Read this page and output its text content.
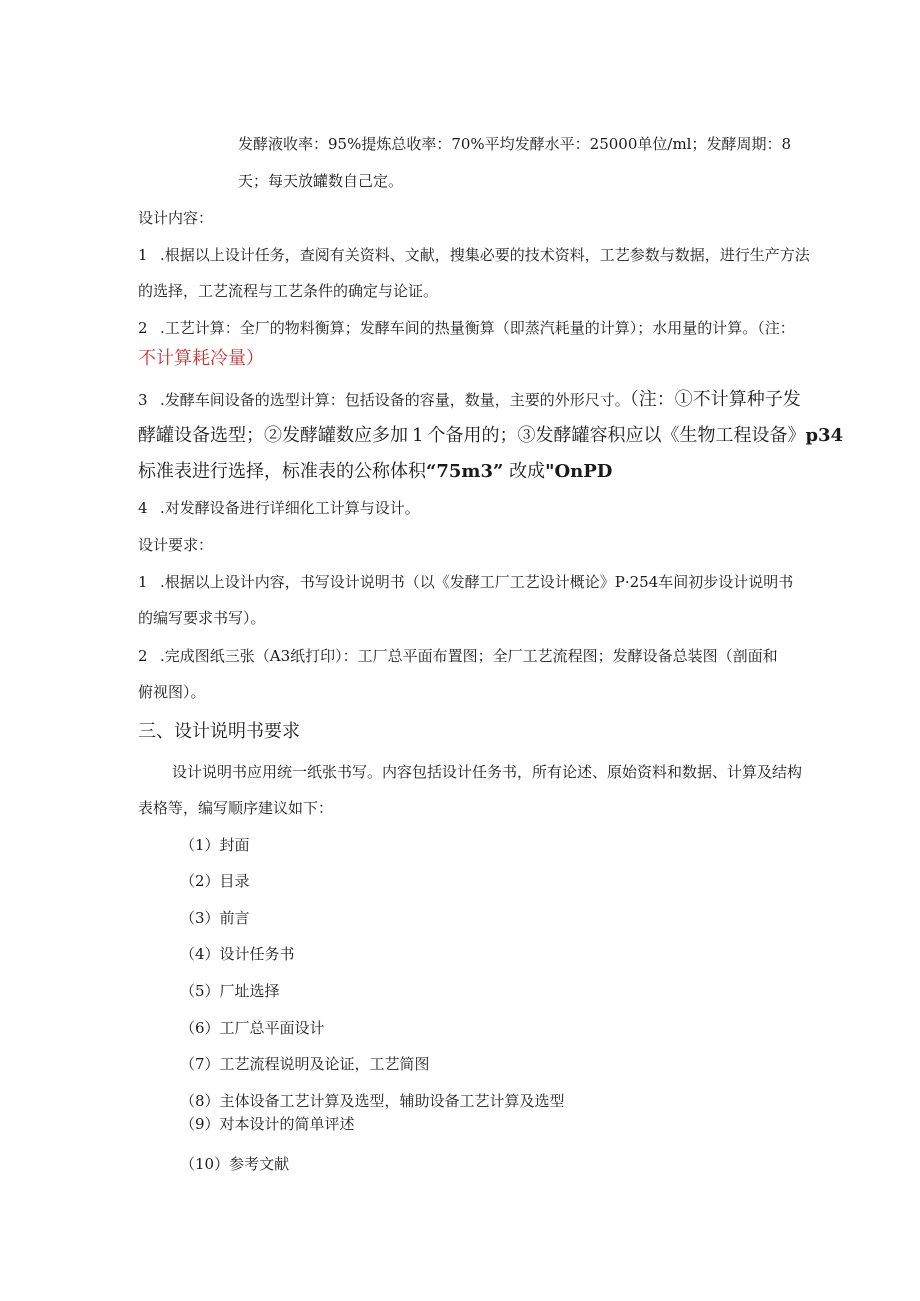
发酵液收率：95%提炼总收率：70%平均发酵水平：25000单位/ml；发酵周期：8
天；每天放罐数自己定。
设计内容：
1 .根据以上设计任务，查阅有关资料、文献，搜集必要的技术资料，工艺参数与数据，进行生产方法
的选择，工艺流程与工艺条件的确定与论证。
2 .工艺计算：全厂的物料衡算；发酵车间的热量衡算（即蒸汽耗量的计算）；水用量的计算。（注：
不计算耗冷量）
3 .发酵车间设备的选型计算：包括设备的容量，数量，主要的外形尺寸。（注：①不计算种子发
酵罐设备选型；②发酵罐数应多加 1 个备用的；③发酵罐容积应以《生物工程设备》p34
标准表进行选择，标准表的公称体积“75m3” 改成"OnPD
4 .对发酵设备进行详细化工计算与设计。
设计要求：
1 .根据以上设计内容，书写设计说明书（以《发酵工厂工艺设计概论》P·254车间初步设计说明书
的编写要求书写）。
2 .完成图纸三张（A3纸打印）：工厂总平面布置图；全厂工艺流程图；发酵设备总装图（剖面和
俯视图）。
三、设计说明书要求
设计说明书应用统一纸张书写。内容包括设计任务书，所有论述、原始资料和数据、计算及结构
表格等，编写顺序建议如下：
（1）封面
（2）目录
（3）前言
（4）设计任务书
（5）厂址选择
（6）工厂总平面设计
（7）工艺流程说明及论证，工艺简图
（8）主体设备工艺计算及选型，辅助设备工艺计算及选型
（9）对本设计的简单评述
（10）参考文献
